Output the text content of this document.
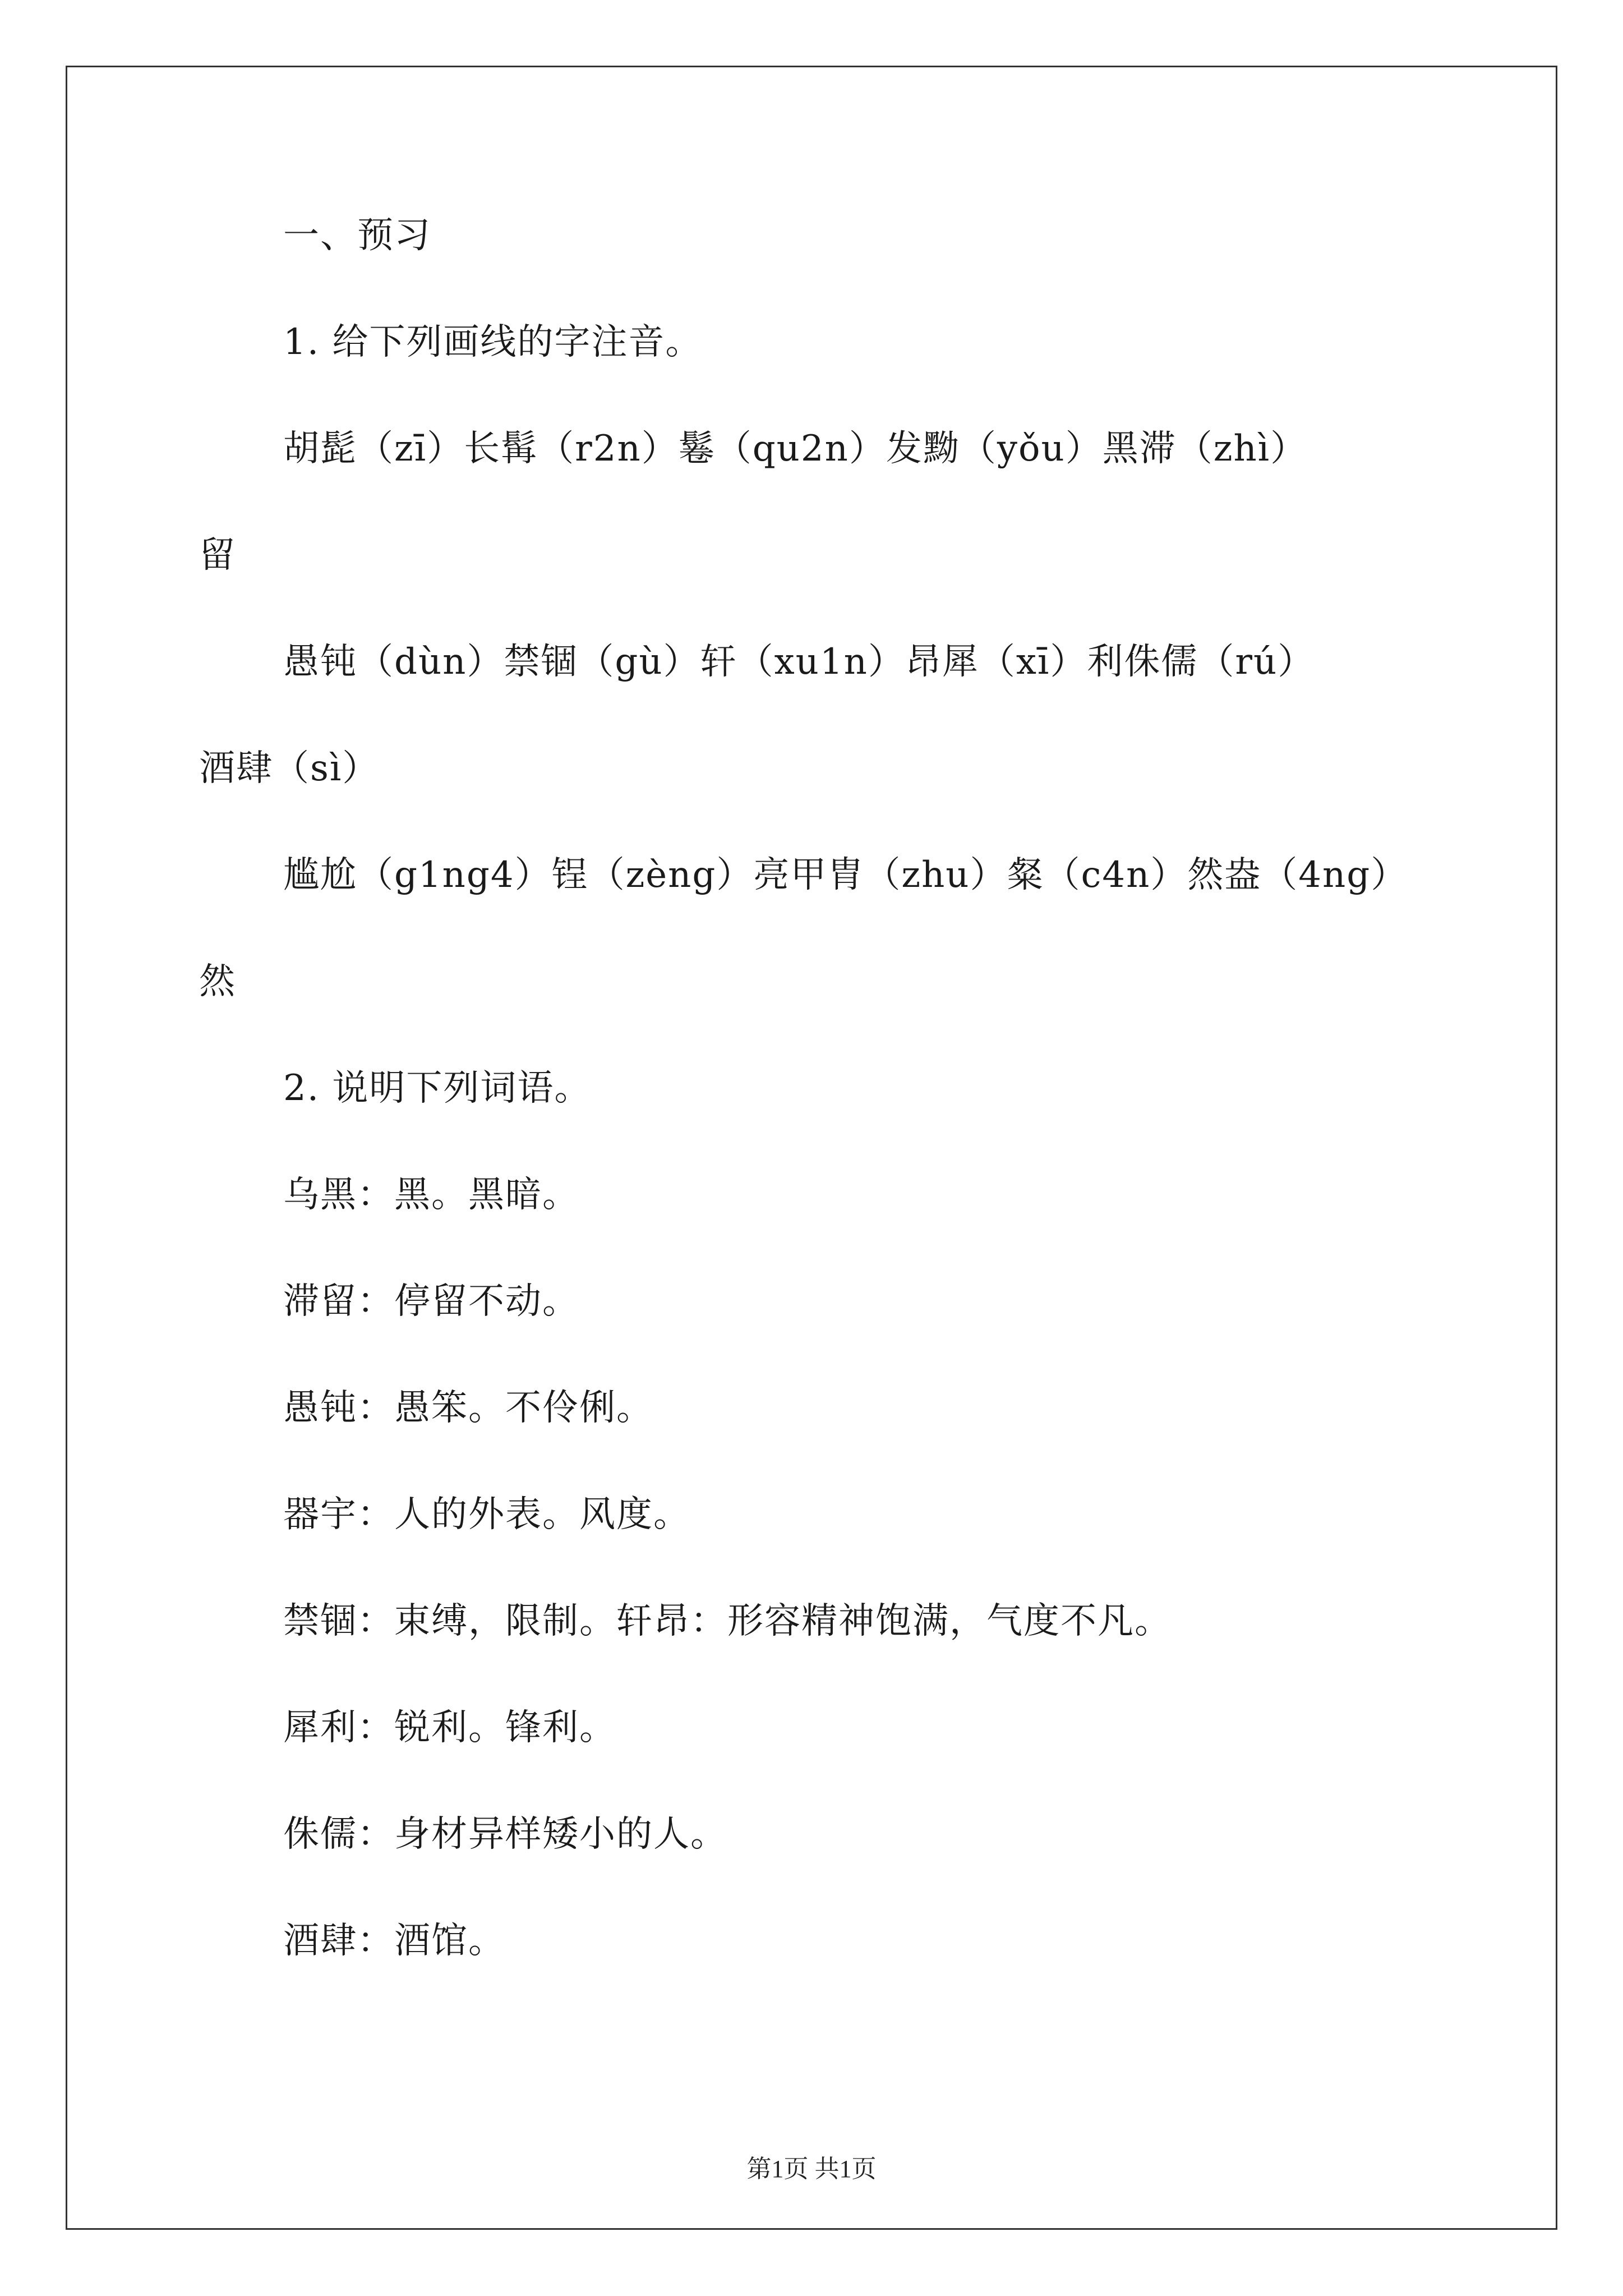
一、预习
1. 给下列画线的字注音。
胡髭（zī）长髯（r2n）鬈（qu2n）发黝（yǒu）黑滞（zhì）
留
愚钝（dùn）禁锢（gù）轩（xu1n）昂犀（xī）利侏儒（rú）
酒肆（sì）
尴尬（g1ng4）锃（zèng）亮甲胄（zhu）粲（c4n）然盎（4ng）
然
2. 说明下列词语。
乌黑：黑。黑暗。
滞留：停留不动。
愚钝：愚笨。不伶俐。
器宇：人的外表。风度。
禁锢：束缚，限制。轩昂：形容精神饱满，气度不凡。
犀利：锐利。锋利。
侏儒：身材异样矮小的人。
酒肆：酒馆。
第1页 共1页
